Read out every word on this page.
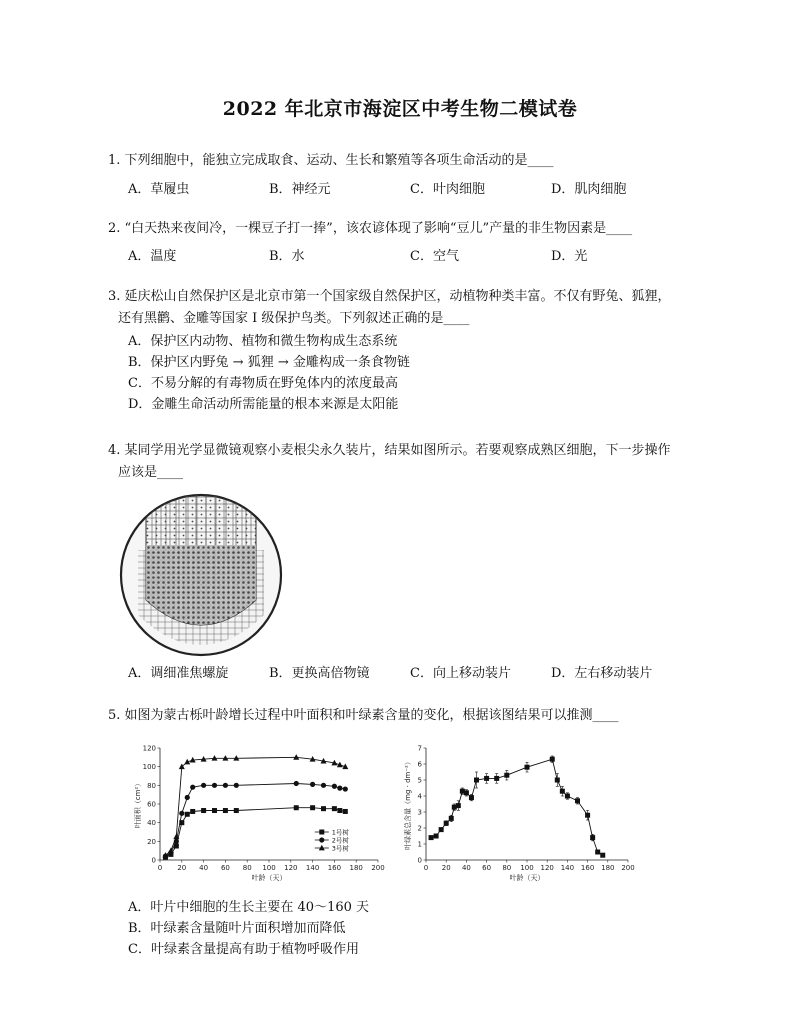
2022 年北京市海淀区中考生物二模试卷
1. 下列细胞中，能独立完成取食、运动、生长和繁殖等各项生命活动的是____
A．草履虫	B．神经元	C．叶肉细胞	D．肌肉细胞
2. “白天热来夜间冷，一棵豆子打一捧”，该农谚体现了影响“豆儿”产量的非生物因素是____
A．温度	B．水	C．空气	D．光
3. 延庆松山自然保护区是北京市第一个国家级自然保护区，动植物种类丰富。不仅有野兔、狐狸，
还有黑鹳、金雕等国家 Ⅰ 级保护鸟类。下列叙述正确的是____
A．保护区内动物、植物和微生物构成生态系统
B．保护区内野兔 → 狐狸 → 金雕构成一条食物链
C．不易分解的有毒物质在野兔体内的浓度最高
D．金雕生命活动所需能量的根本来源是太阳能
4. 某同学用光学显微镜观察小麦根尖永久装片，结果如图所示。若要观察成熟区细胞，下一步操作
应该是____
A．调细准焦螺旋	B．更换高倍物镜	C．向上移动装片	D．左右移动装片
5. 如图为蒙古栎叶龄增长过程中叶面积和叶绿素含量的变化，根据该图结果可以推测____
0 20 40 60 80 100 120 140 160 180 200
0
20
40
60
80
100
120
叶龄（天）
叶面积（cm²）
1号树
2号树
3号树
0 20 40 60 80 100 120 140 160 180 200
0
1
2
3
4
5
6
7
叶龄（天）
叶绿素总含量（mg · dm⁻²）
A．叶片中细胞的生长主要在 40～160 天
B．叶绿素含量随叶片面积增加而降低
C．叶绿素含量提高有助于植物呼吸作用
